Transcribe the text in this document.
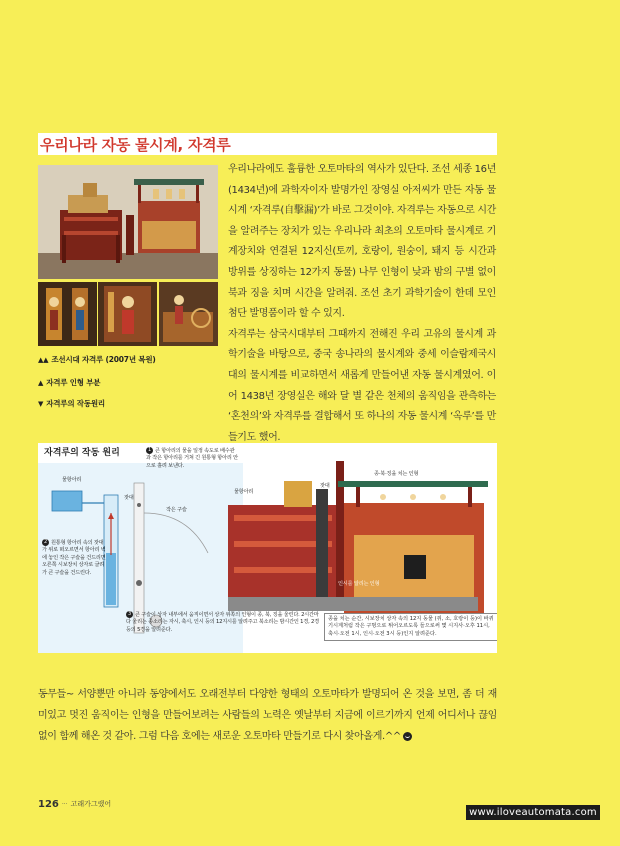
우리나라 자동 물시계, 자격루
▲▲ 조선시대 자격루 (2007년 복원)
▲ 자격루 인형 부분
▼ 자격루의 작동원리

우리나라에도 훌륭한 오토마타의 역사가 있단다. 조선 세종 16년(1434년)에 과학자이자 발명가인 장영실 아저씨가 만든 자동 물시계 ‘자격루(自擊漏)’가 바로 그것이야. 자격루는 자동으로 시간을 알려주는 장치가 있는 우리나라 최초의 오토마타 물시계로 기계장치와 연결된 12지신(토끼, 호랑이, 원숭이, 돼지 등 시간과 방위를 상징하는 12가지 동물) 나무 인형이 낮과 밤의 구별 없이 북과 징을 치며 시간을 알려줘. 조선 초기 과학기술이 한데 모인 첨단 발명품이라 할 수 있지.

자격루는 삼국시대부터 그때까지 전해진 우리 고유의 물시계 과학기술을 바탕으로, 중국 송나라의 물시계와 중세 이슬람제국시대의 물시계를 비교하면서 새롭게 만들어낸 자동 물시계였어. 이어 1438년 장영실은 해와 달 별 같은 천체의 움직임을 관측하는 ‘혼천의’와 자격루를 결합해서 또 하나의 자동 물시계 ‘옥루’를 만들기도 했어.

자격루의 작동 원리	1 큰 항아리의 물을 일정 속도로 배수관과 작은 항아리를 거쳐 긴 원통형 항아리 안으로 흘려 보낸다.
2 원통형 항아리 속의 잣대가 위로 떠오르면서 항아리 벽에 놓인 작은 구슬을 건드리면 오른쪽 시보장치 상자로 굴려가 큰 구슬을 건드린다.
3 큰 구슬이 상자 내부에서 움직이면서 상자 위쪽의 인형이 종, 북, 징을 울린다. 2시간마다 울리는 종소리는 자시, 축시, 인시 등의 12지시를 알려주고 북소리는 밤시간인 1경, 2경 등의 5경을 알려준다.
물항아리
잣대
작은 구슬
물항아리
잣대
종·북·징을 치는 인형
인시를 알리는 인형
종을 치는 순간, 시보장치 상자 속의 12지 동물 (쥐, 소, 호랑이 등)이 바퀴기시계처럼 작은 구멍으로 튀어오르도록 들으로써 몇 시지사·오후 11시, 축시·오전 1시, 인시·오전 3시 등)인지 알려준다.

동무들~ 서양뿐만 아니라 동양에서도 오래전부터 다양한 형태의 오토마타가 발명되어 온 것을 보면, 좀 더 재미있고 멋진 움직이는 인형을 만들어보려는 사람들의 노력은 옛날부터 지금에 이르기까지 언제 어디서나 끊임없이 함께 해온 것 같아. 그럼 다음 호에는 새로운 오토마타 만들기로 다시 찾아올게.^^

126 ··· 고래가그랬어
www.iloveautomata.com
